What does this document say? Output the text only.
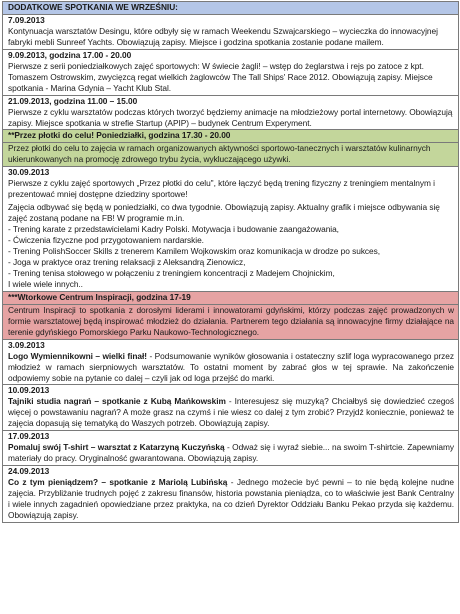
DODATKOWE SPOTKANIA WE WRZEŚNIU:

7.09.2013
Kontynuacja warsztatów Desingu, które odbyły się w ramach Weekendu Szwajcarskiego – wycieczka do innowacyjnej fabryki mebli Sunreef Yachts. Obowiązują zapisy. Miejsce i godzina spotkania zostanie podane mailem.

9.09.2013, godzina 17.00 - 20.00
Pierwsze z serii poniedziałkowych zajęć sportowych: W świecie żagli! – wstęp do żeglarstwa i rejs po zatoce z kpt. Tomaszem Ostrowskim, zwycięzcą regat wielkich żaglowców The Tall Ships' Race 2012. Obowiązują zapisy. Miejsce spotkania - Marina Gdynia – Yacht Klub Stal.

21.09.2013, godzina 11.00 – 15.00
Pierwsze z cyklu warsztatów podczas których tworzyć będziemy animacje na młodzieżowy portal internetowy. Obowiązują zapisy. Miejsce spotkania w strefie Startup (APIP) – budynek Centrum Experyment.

**Przez płotki do celu! Poniedziałki, godzina 17.30 - 20.00

Przez płotki do celu to zajęcia w ramach organizowanych aktywności sportowo-tanecznych i warsztatów kulinarnych ukierunkowanych na promocję zdrowego trybu życia, wykluczającego używki.

30.09.2013
Pierwsze z cyklu zajęć sportowych „Przez płotki do celu", które łączyć będą trening fizyczny z treningiem mentalnym i prezentować mniej dostępne dziedziny sportowe!
Zajęcia odbywać się będą w poniedziałki, co dwa tygodnie. Obowiązują zapisy. Aktualny grafik i miejsce odbywania się zajęć zostaną podane na FB! W programie m.in.
- Trening karate z przedstawicielami Kadry Polski. Motywacja i budowanie zaangażowania,
- Ćwiczenia fizyczne pod przygotowaniem nardarskie.
- Trening PolishSoccer Skills z trenerem Kamilem Wojkowskim oraz komunikacja w drodze po sukces,
- Joga w praktyce oraz trening relaksacji z Aleksandrą Zienowicz,
- Trening tenisa stołowego w połączeniu z treningiem koncentracji z Madejem Chojnickim,
I wiele wiele innych..

***Wtorkowe Centrum Inspiracji, godzina 17-19

Centrum Inspiracji to spotkania z dorosłymi liderami i innowatorami gdyńskimi, którzy podczas zajęć prowadzonych w formie warsztatowej będą inspirować młodzież do działania. Partnerem tego działania są innowacyjne firmy działające na terenie gdyńskiego Pomorskiego Parku Naukowo-Technologicznego.

3.09.2013
Logo Wymiennikowni – wielki finał! - Podsumowanie wyników głosowania i ostateczny szlif loga wypracowanego przez młodzież w ramach sierpniowych warsztatów. To ostatni moment by zabrać głos w tej sprawie. Na zakończenie odpowiemy sobie na pytanie co dalej – czyli jak od loga przejść do marki.

10.09.2013
Tajniki studia nagrań – spotkanie z Kubą Mańkowskim - Interesujesz się muzyką? Chciałbyś się dowiedzieć czegoś więcej o powstawaniu nagrań? A może grasz na czymś i nie wiesz co dalej z tym zrobić? Przyjdź koniecznie, ponieważ te zajęcia dopasują się tematyką do Waszych potrzeb. Obowiązują zapisy.

17.09.2013
Pomaluj swój T-shirt – warsztat z Katarzyną Kuczyńską - Odważ się i wyraź siebie... na swoim T-shirtcie. Zapewniamy materiały do pracy. Oryginalność gwarantowana. Obowiązują zapisy.

24.09.2013
Co z tym pieniądzem? – spotkanie z Mariolą Lubińską - Jednego możecie być pewni – to nie będą kolejne nudne zajęcia. Przybliżanie trudnych pojęć z zakresu finansów, historia powstania pieniądza, co to właściwie jest Bank Centralny i wiele innych zagadnień opowiedziane przez praktyka, na co dzień Dyrektor Oddziału Banku Pekao przyda się każdemu. Obowiązują zapisy.
